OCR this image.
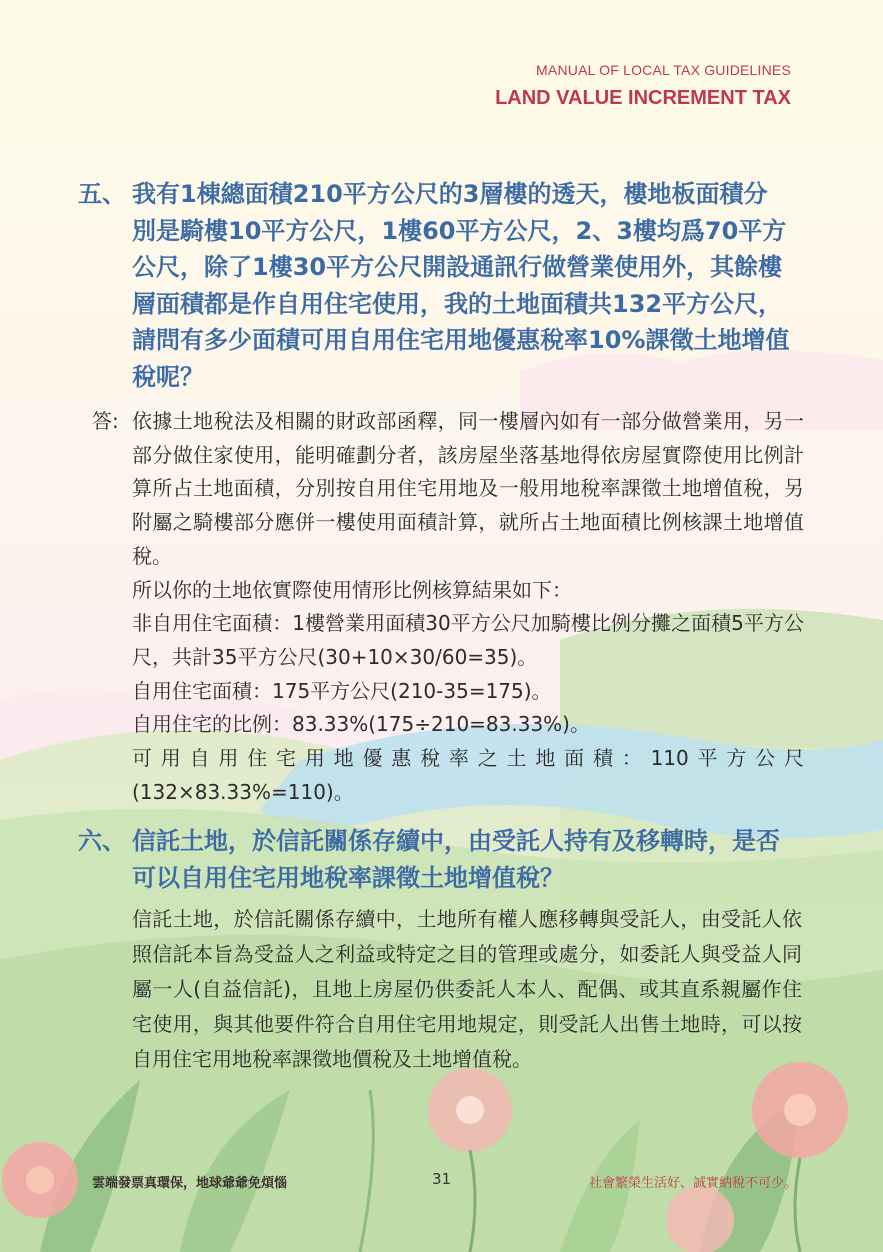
MANUAL OF LOCAL TAX GUIDELINES
LAND VALUE INCREMENT TAX
五、 我有1棟總面積210平方公尺的3層樓的透天，樓地板面積分別是騎樓10平方公尺，1樓60平方公尺，2、3樓均爲70平方公尺，除了1樓30平方公尺開設通訊行做營業使用外，其餘樓層面積都是作自用住宅使用，我的土地面積共132平方公尺，請問有多少面積可用自用住宅用地優惠稅率10%課徵土地增值稅呢？
答: 依據土地稅法及相關的財政部函釋，同一樓層內如有一部分做營業用，另一部分做住家使用，能明確劃分者，該房屋坐落基地得依房屋實際使用比例計算所占土地面積，分別按自用住宅用地及一般用地稅率課徵土地增值稅，另附屬之騎樓部分應併一樓使用面積計算，就所占土地面積比例核課土地增值稅。

所以你的土地依實際使用情形比例核算結果如下：

非自用住宅面積：1樓營業用面積30平方公尺加騎樓比例分攤之面積5平方公尺，共計35平方公尺(30+10×30/60=35)。

自用住宅面積：175平方公尺(210-35=175)。

自用住宅的比例：83.33%(175÷210=83.33%)。

可用自用住宅用地優惠稅率之土地面積：110平方公尺(132×83.33%=110)。

六、 信託土地，於信託關係存續中，由受託人持有及移轉時，是否可以自用住宅用地稅率課徵土地增值稅？

信託土地，於信託關係存續中，土地所有權人應移轉與受託人，由受託人依照信託本旨為受益人之利益或特定之目的管理或處分，如委託人與受益人同屬一人(自益信託)，且地上房屋仍供委託人本人、配偶、或其直系親屬作住宅使用，與其他要件符合自用住宅用地規定，則受託人出售土地時，可以按自用住宅用地稅率課徵地價稅及土地增值稅。

雲端發票真環保，地球爺爺免煩惱	31	社會繁榮生活好、誠實納稅不可少。
